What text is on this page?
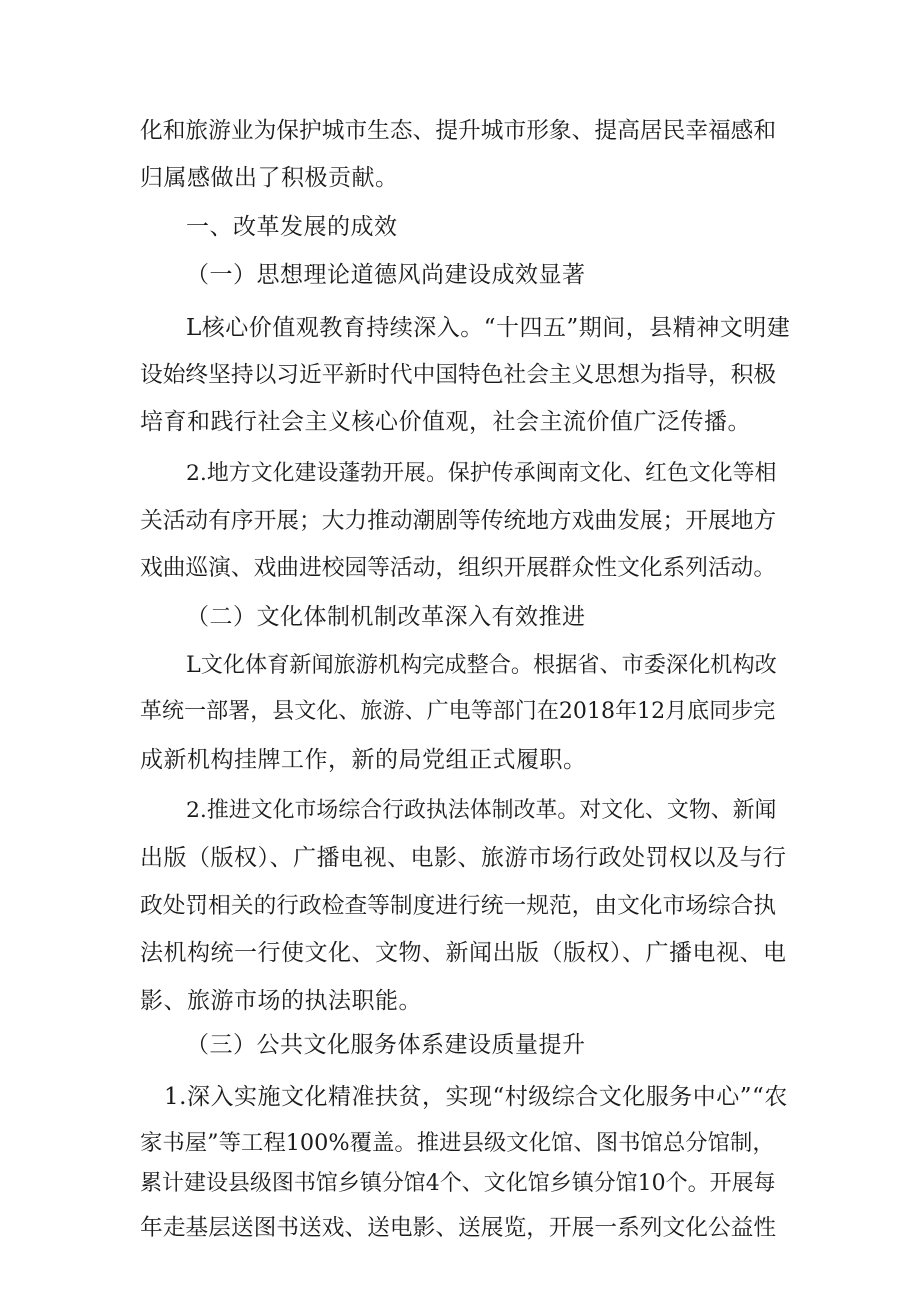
化和旅游业为保护城市生态、提升城市形象、提高居民幸福感和
归属感做出了积极贡献。
一、改革发展的成效
（一）思想理论道德风尚建设成效显著
L核心价值观教育持续深入。“十四五”期间，县精神文明建
设始终坚持以习近平新时代中国特色社会主义思想为指导，积极
培育和践行社会主义核心价值观，社会主流价值广泛传播。
2.地方文化建设蓬勃开展。保护传承闽南文化、红色文化等相
关活动有序开展；大力推动潮剧等传统地方戏曲发展；开展地方
戏曲巡演、戏曲进校园等活动，组织开展群众性文化系列活动。
（二）文化体制机制改革深入有效推进
L文化体育新闻旅游机构完成整合。根据省、市委深化机构改
革统一部署，县文化、旅游、广电等部门在2018年12月底同步完
成新机构挂牌工作，新的局党组正式履职。
2.推进文化市场综合行政执法体制改革。对文化、文物、新闻
出版（版权）、广播电视、电影、旅游市场行政处罚权以及与行
政处罚相关的行政检查等制度进行统一规范，由文化市场综合执
法机构统一行使文化、文物、新闻出版（版权）、广播电视、电
影、旅游市场的执法职能。
（三）公共文化服务体系建设质量提升
1.深入实施文化精准扶贫，实现“村级综合文化服务中心”“农
家书屋”等工程100%覆盖。推进县级文化馆、图书馆总分馆制，
累计建设县级图书馆乡镇分馆4个、文化馆乡镇分馆10个。开展每
年走基层送图书送戏、送电影、送展览，开展一系列文化公益性
